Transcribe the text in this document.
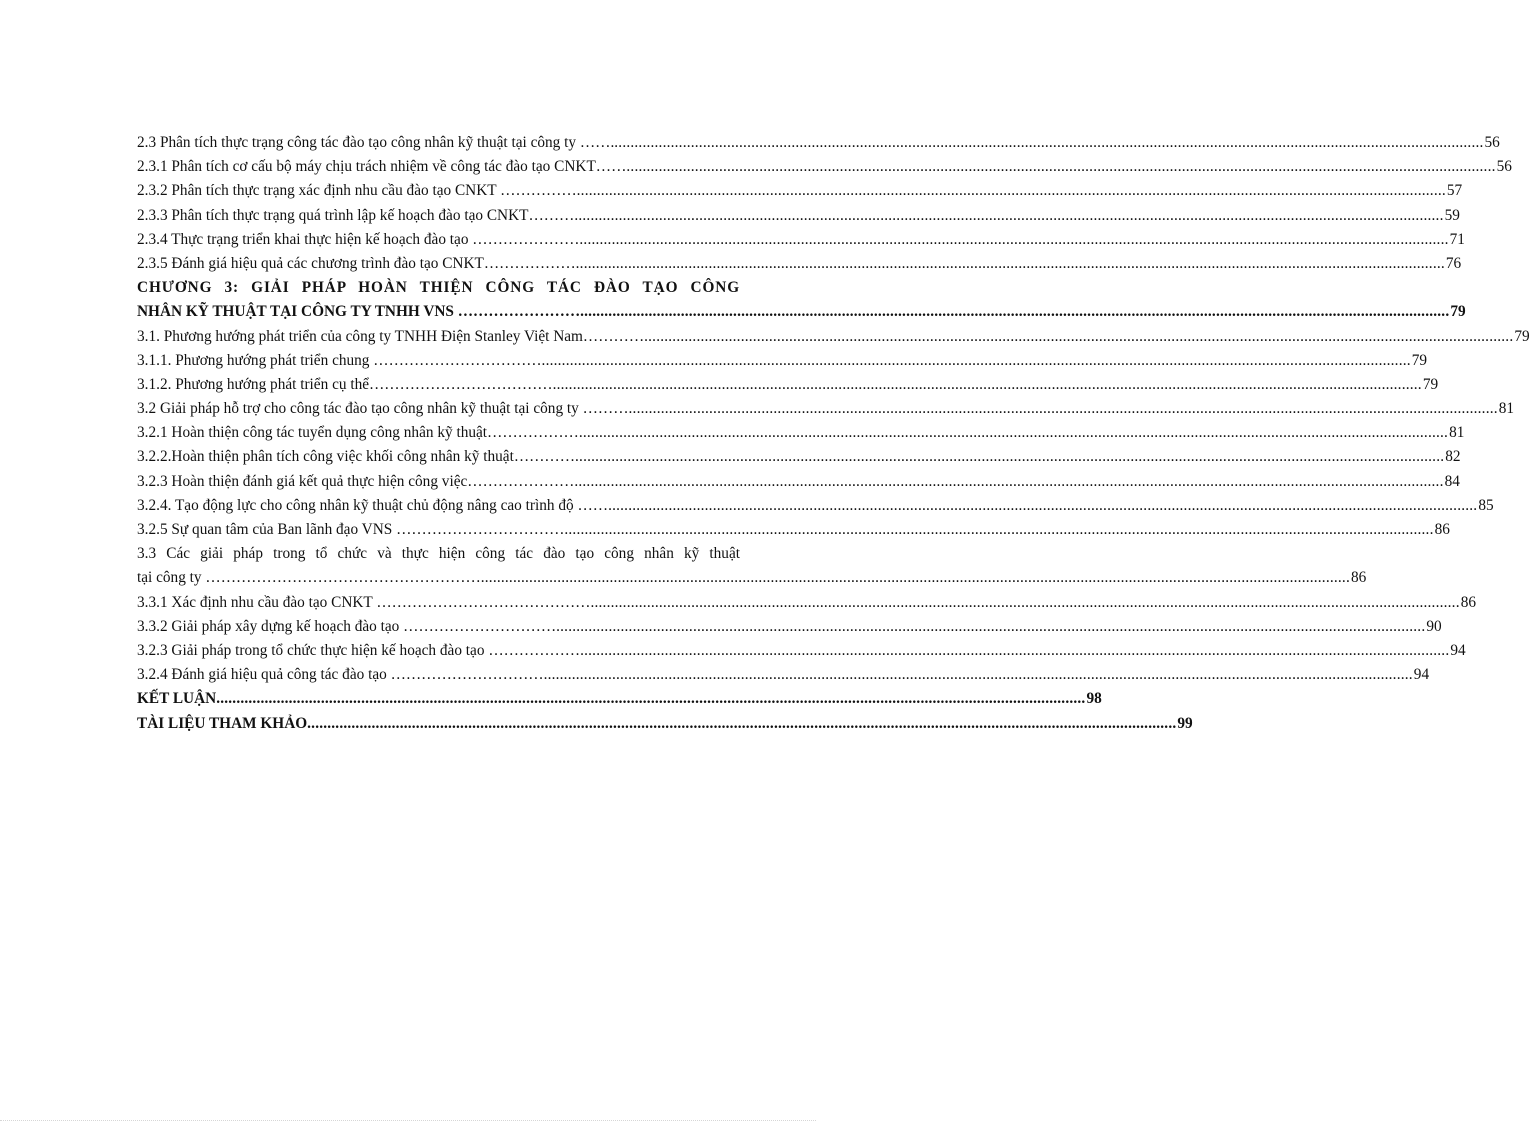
2.3 Phân tích thực trạng công tác đào tạo công nhân kỹ thuật tại công ty ……. .....	56
2.3.1 Phân tích cơ cấu bộ máy chịu trách nhiệm về công tác đào tạo CNKT…… .....	56
2.3.2 Phân tích thực trạng xác định nhu cầu đào tạo CNKT …………… .....	57
2.3.3 Phân tích thực trạng quá trình lập kế hoạch đào tạo CNKT……… .....	59
2.3.4 Thực trạng triển khai thực hiện kế hoạch đào tạo ………………… .....	71
2.3.5 Đánh giá hiệu quả các chương trình đào tạo CNKT……………… .....	76
CHƯƠNG 3: GIẢI PHÁP HOÀN THIỆN CÔNG TÁC ĐÀO TẠO CÔNG
NHÂN KỸ THUẬT TẠI CÔNG TY TNHH VNS …………………… .....	79
3.1. Phương hướng phát triển của công ty TNHH Điện Stanley Việt Nam………… .....	79
3.1.1. Phương hướng phát triển chung …………………………… .....	79
3.1.2. Phương hướng phát triển cụ thể……………………………… .....	79
3.2 Giải pháp hỗ trợ cho công tác đào tạo công nhân kỹ thuật tại công ty ……… .....	81
3.2.1 Hoàn thiện công tác tuyển dụng công nhân kỹ thuật……………… .....	81
3.2.2.Hoàn thiện phân tích công việc khối công nhân kỹ thuật………… .....	82
3.2.3 Hoàn thiện đánh giá kết quả thực hiện công việc………………… .....	84
3.2.4. Tạo động lực cho công nhân kỹ thuật chủ động nâng cao trình độ …… .....	85
3.2.5 Sự quan tâm của Ban lãnh đạo VNS …………………………… .....	86
3.3 Các giải pháp trong tổ chức và thực hiện công tác đào tạo công nhân kỹ thuật
tại công ty ……………………………………………… .....	86
3.3.1 Xác định nhu cầu đào tạo CNKT …………………………………… .....	86
3.3.2 Giải pháp xây dựng kế hoạch đào tạo ………………………… .....	90
3.2.3 Giải pháp trong tổ chức thực hiện kế hoạch đào tạo ……………… .....	94
3.2.4 Đánh giá hiệu quả công tác đào tạo ………………………… .....	94
KẾT LUẬN .....	98
TÀI LIỆU THAM KHẢO .....	99
